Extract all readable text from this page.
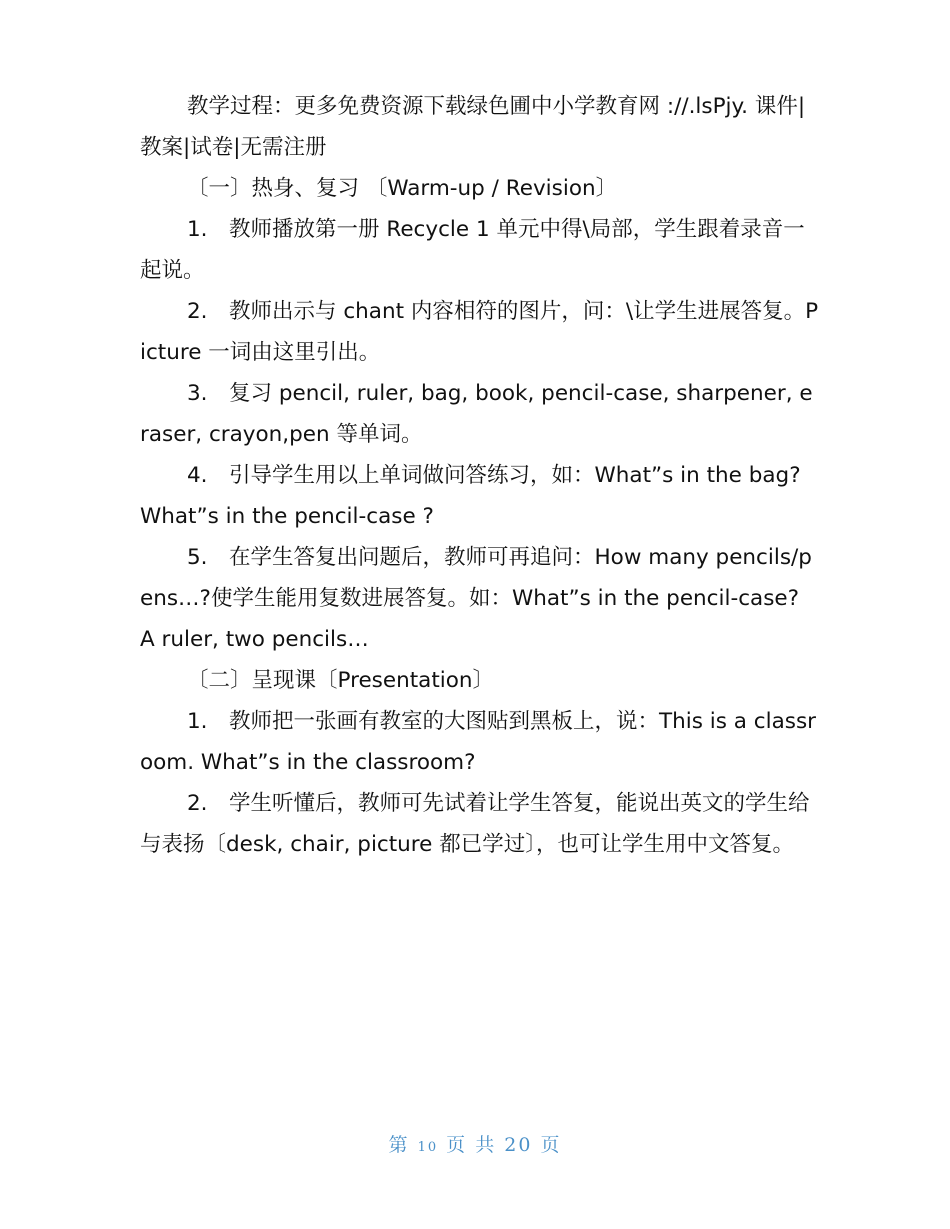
教学过程：更多免费资源下载绿色圃中小学教育网 ://.lsPjy. 课件|教案|试卷|无需注册

〔一〕热身、复习 〔Warm-up / Revision〕

1.　教师播放第一册 Recycle 1 单元中得\局部，学生跟着录音一起说。

2.　教师出示与 chant 内容相符的图片，问：\让学生进展答复。Picture 一词由这里引出。

3.　复习 pencil, ruler, bag, book, pencil-case, sharpener, eraser, crayon,pen 等单词。

4.　引导学生用以上单词做问答练习，如：What”s in the bag? What”s in the pencil-case ?

5.　在学生答复出问题后，教师可再追问：How many pencils/pens…?使学生能用复数进展答复。如：What”s in the pencil-case? A ruler, two pencils…

〔二〕呈现课〔Presentation〕

1.　教师把一张画有教室的大图贴到黑板上，说：This is a classroom. What”s in the classroom?

2.　学生听懂后，教师可先试着让学生答复，能说出英文的学生给与表扬〔desk, chair, picture 都已学过〕，也可让学生用中文答复。

第 10 页 共 20 页
